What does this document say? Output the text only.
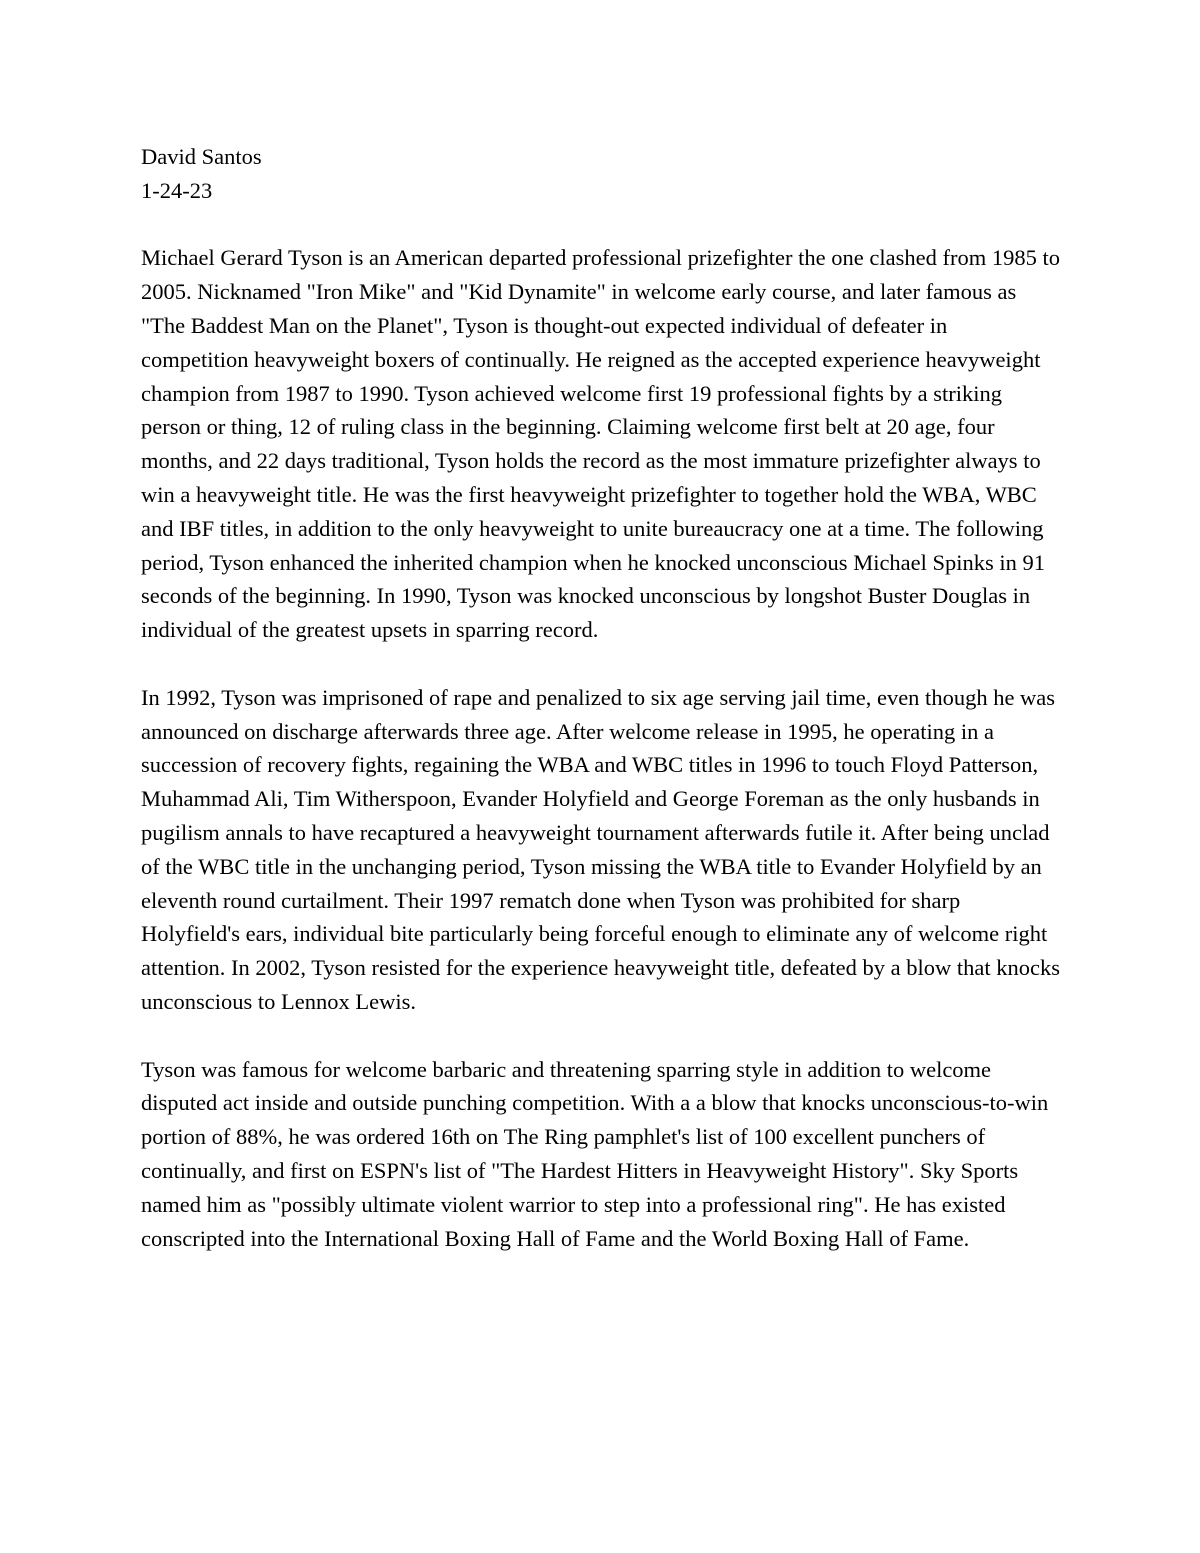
David Santos

1-24-23

Michael Gerard Tyson is an American departed professional prizefighter the one clashed from 1985 to 2005. Nicknamed "Iron Mike" and "Kid Dynamite" in welcome early course, and later famous as "The Baddest Man on the Planet", Tyson is thought-out expected individual of defeater in competition heavyweight boxers of continually. He reigned as the accepted experience heavyweight champion from 1987 to 1990. Tyson achieved welcome first 19 professional fights by a striking person or thing, 12 of ruling class in the beginning. Claiming welcome first belt at 20 age, four months, and 22 days traditional, Tyson holds the record as the most immature prizefighter always to win a heavyweight title. He was the first heavyweight prizefighter to together hold the WBA, WBC and IBF titles, in addition to the only heavyweight to unite bureaucracy one at a time. The following period, Tyson enhanced the inherited champion when he knocked unconscious Michael Spinks in 91 seconds of the beginning. In 1990, Tyson was knocked unconscious by longshot Buster Douglas in individual of the greatest upsets in sparring record.

In 1992, Tyson was imprisoned of rape and penalized to six age serving jail time, even though he was announced on discharge afterwards three age. After welcome release in 1995, he operating in a succession of recovery fights, regaining the WBA and WBC titles in 1996 to touch Floyd Patterson, Muhammad Ali, Tim Witherspoon, Evander Holyfield and George Foreman as the only husbands in pugilism annals to have recaptured a heavyweight tournament afterwards futile it. After being unclad of the WBC title in the unchanging period, Tyson missing the WBA title to Evander Holyfield by an eleventh round curtailment. Their 1997 rematch done when Tyson was prohibited for sharp Holyfield's ears, individual bite particularly being forceful enough to eliminate any of welcome right attention. In 2002, Tyson resisted for the experience heavyweight title, defeated by a blow that knocks unconscious to Lennox Lewis.

Tyson was famous for welcome barbaric and threatening sparring style in addition to welcome disputed act inside and outside punching competition. With a a blow that knocks unconscious-to-win portion of 88%, he was ordered 16th on The Ring pamphlet's list of 100 excellent punchers of continually, and first on ESPN's list of "The Hardest Hitters in Heavyweight History". Sky Sports named him as "possibly ultimate violent warrior to step into a professional ring". He has existed conscripted into the International Boxing Hall of Fame and the World Boxing Hall of Fame.
